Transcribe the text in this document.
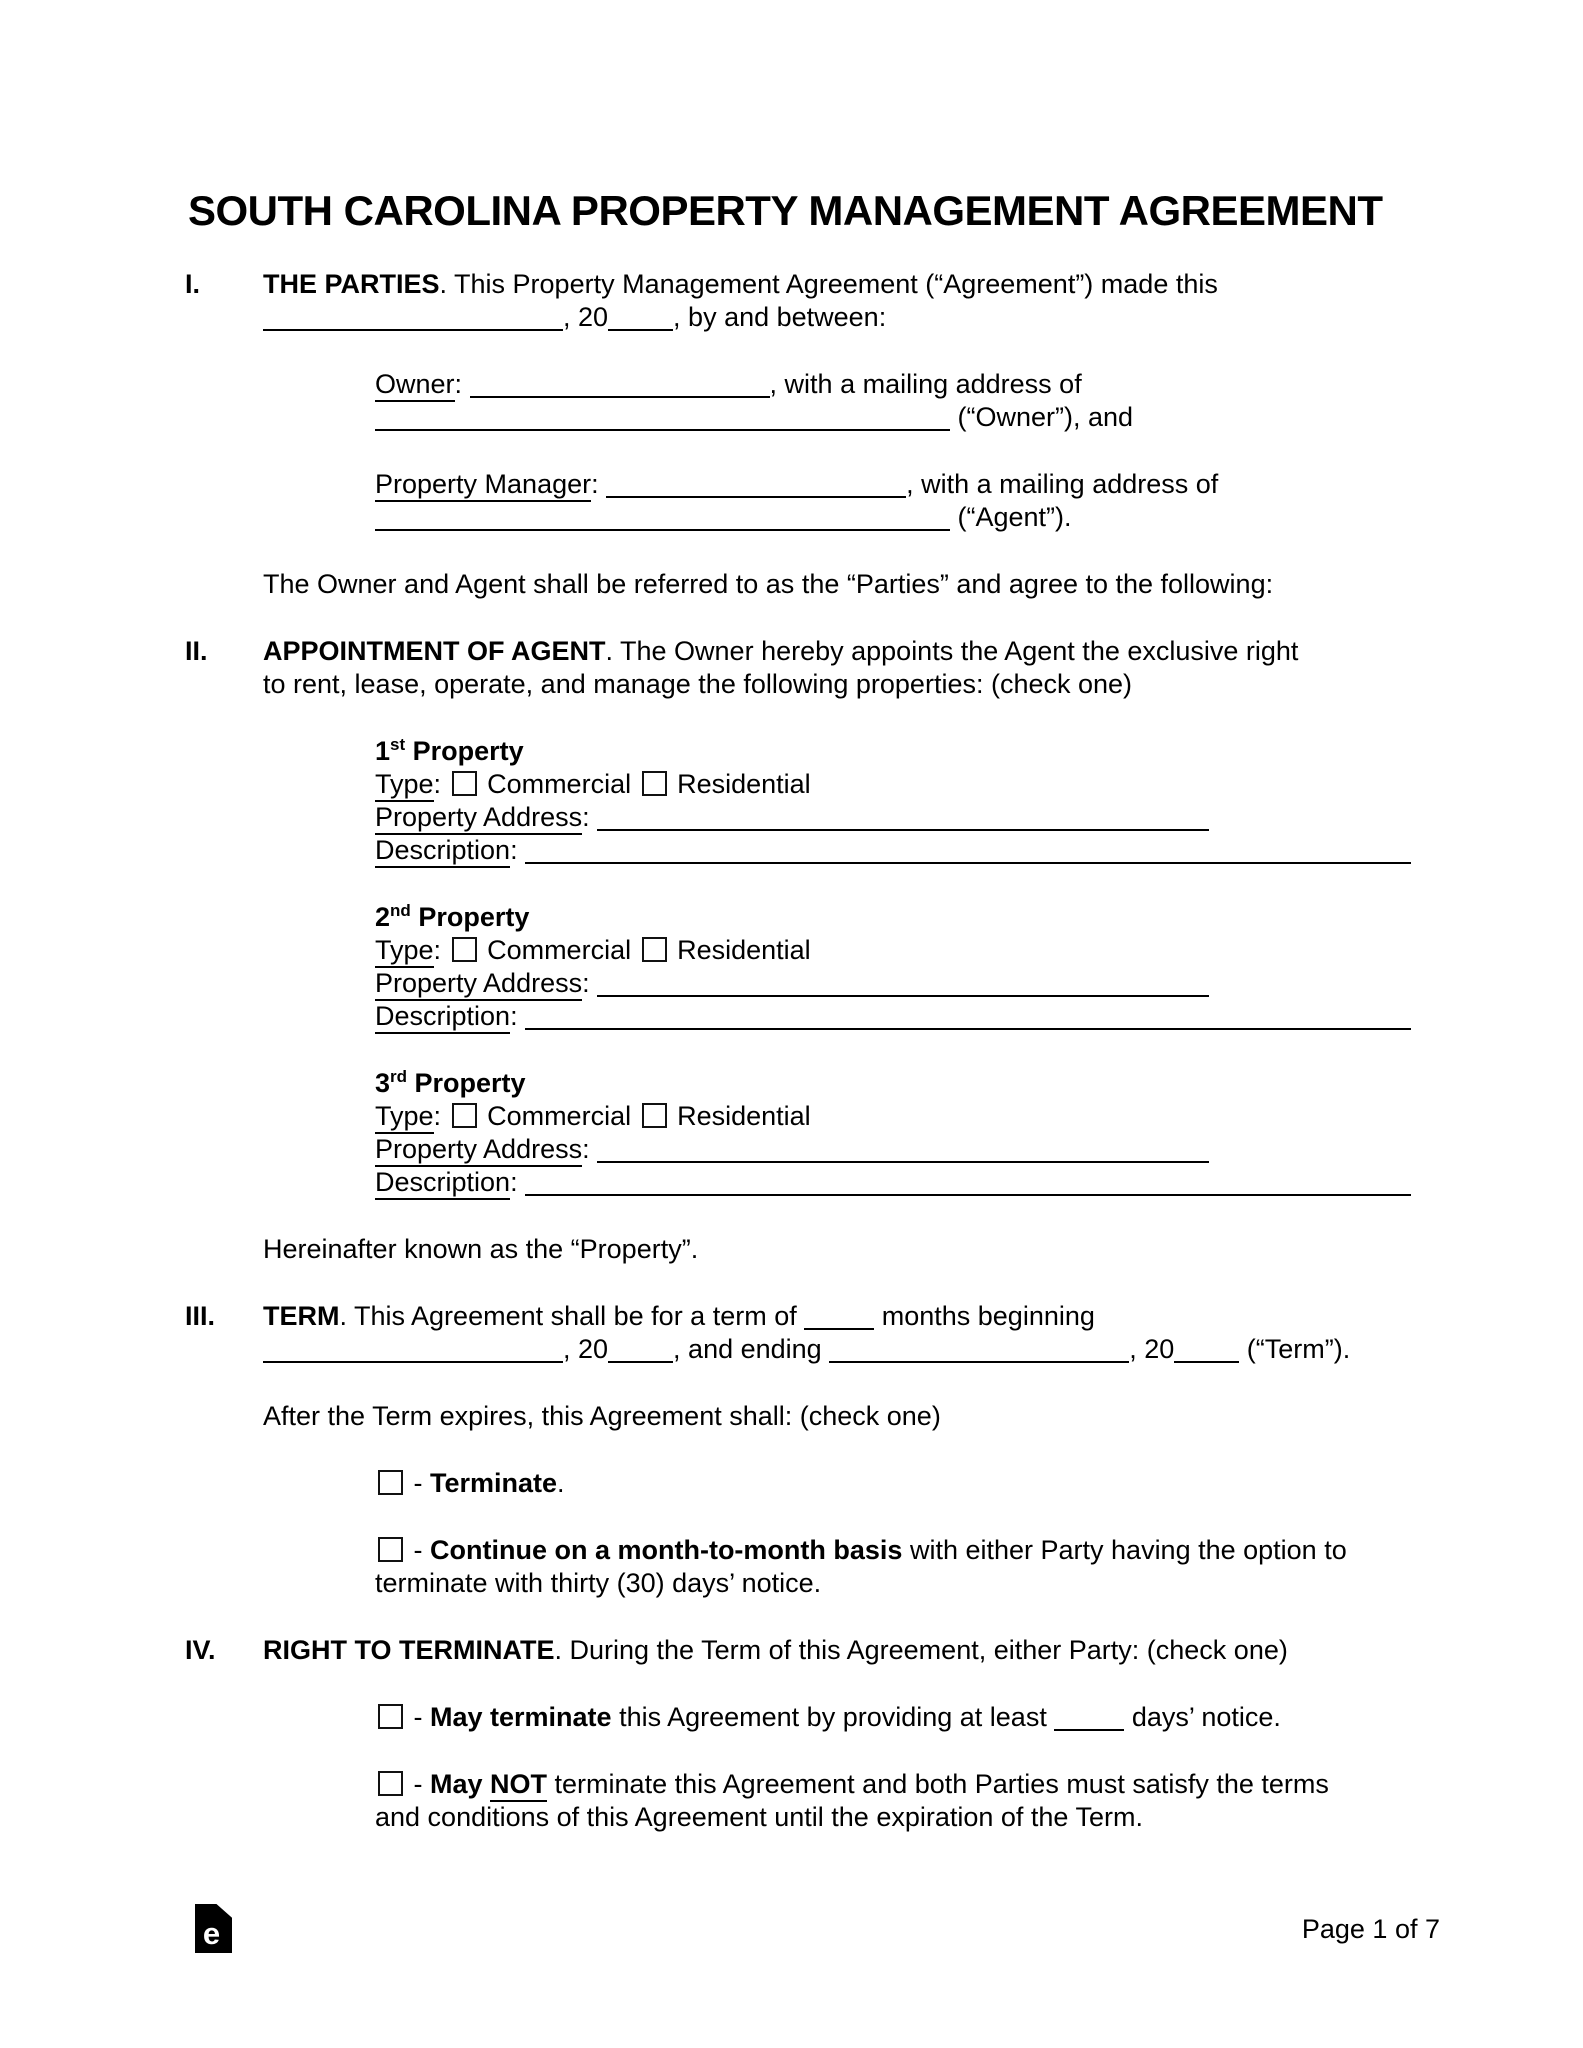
SOUTH CAROLINA PROPERTY MANAGEMENT AGREEMENT
I.	THE PARTIES. This Property Management Agreement (“Agreement”) made this
, 20 , by and between:
Owner:	, with a mailing address of
(“Owner”), and
Property Manager:	, with a mailing address of
(“Agent”).
The Owner and Agent shall be referred to as the “Parties” and agree to the following:
II.	APPOINTMENT OF AGENT. The Owner hereby appoints the Agent the exclusive right
to rent, lease, operate, and manage the following properties: (check one)
1st Property
Type:  Commercial  Residential
Property Address:
Description:
2nd Property
Type:  Commercial  Residential
Property Address:
Description:
3rd Property
Type:  Commercial  Residential
Property Address:
Description:
Hereinafter known as the “Property”.
III.	TERM. This Agreement shall be for a term of	months beginning
, 20 , and ending	, 20 (“Term”).
After the Term expires, this Agreement shall: (check one)
- Terminate.
- Continue on a month-to-month basis with either Party having the option to
terminate with thirty (30) days’ notice.
IV.	RIGHT TO TERMINATE. During the Term of this Agreement, either Party: (check one)
- May terminate this Agreement by providing at least	days’ notice.
- May NOT terminate this Agreement and both Parties must satisfy the terms
and conditions of this Agreement until the expiration of the Term.
e	Page 1 of 7
